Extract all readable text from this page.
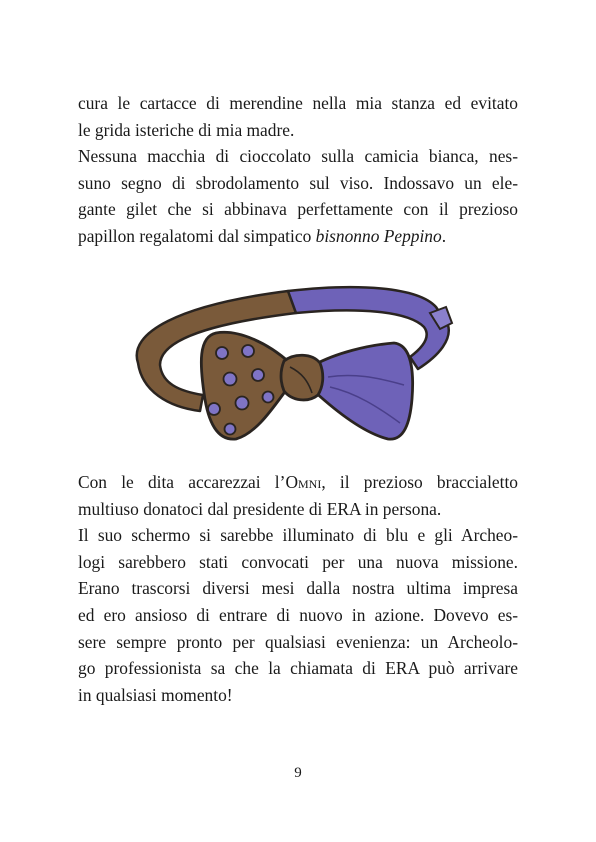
cura le cartacce di merendine nella mia stanza ed evitato
le grida isteriche di mia madre.
Nessuna macchia di cioccolato sulla camicia bianca, nes-
suno segno di sbrodolamento sul viso. Indossavo un ele-
gante gilet che si abbinava perfettamente con il prezioso
papillon regalatomi dal simpatico bisnonno Peppino.
Con le dita accarezzai l’Omni, il prezioso braccialetto
multiuso donatoci dal presidente di ERA in persona.
Il suo schermo si sarebbe illuminato di blu e gli Archeo-
logi sarebbero stati convocati per una nuova missione.
Erano trascorsi diversi mesi dalla nostra ultima impresa
ed ero ansioso di entrare di nuovo in azione. Dovevo es-
sere sempre pronto per qualsiasi evenienza: un Archeolo-
go professionista sa che la chiamata di ERA può arrivare
in qualsiasi momento!
9
